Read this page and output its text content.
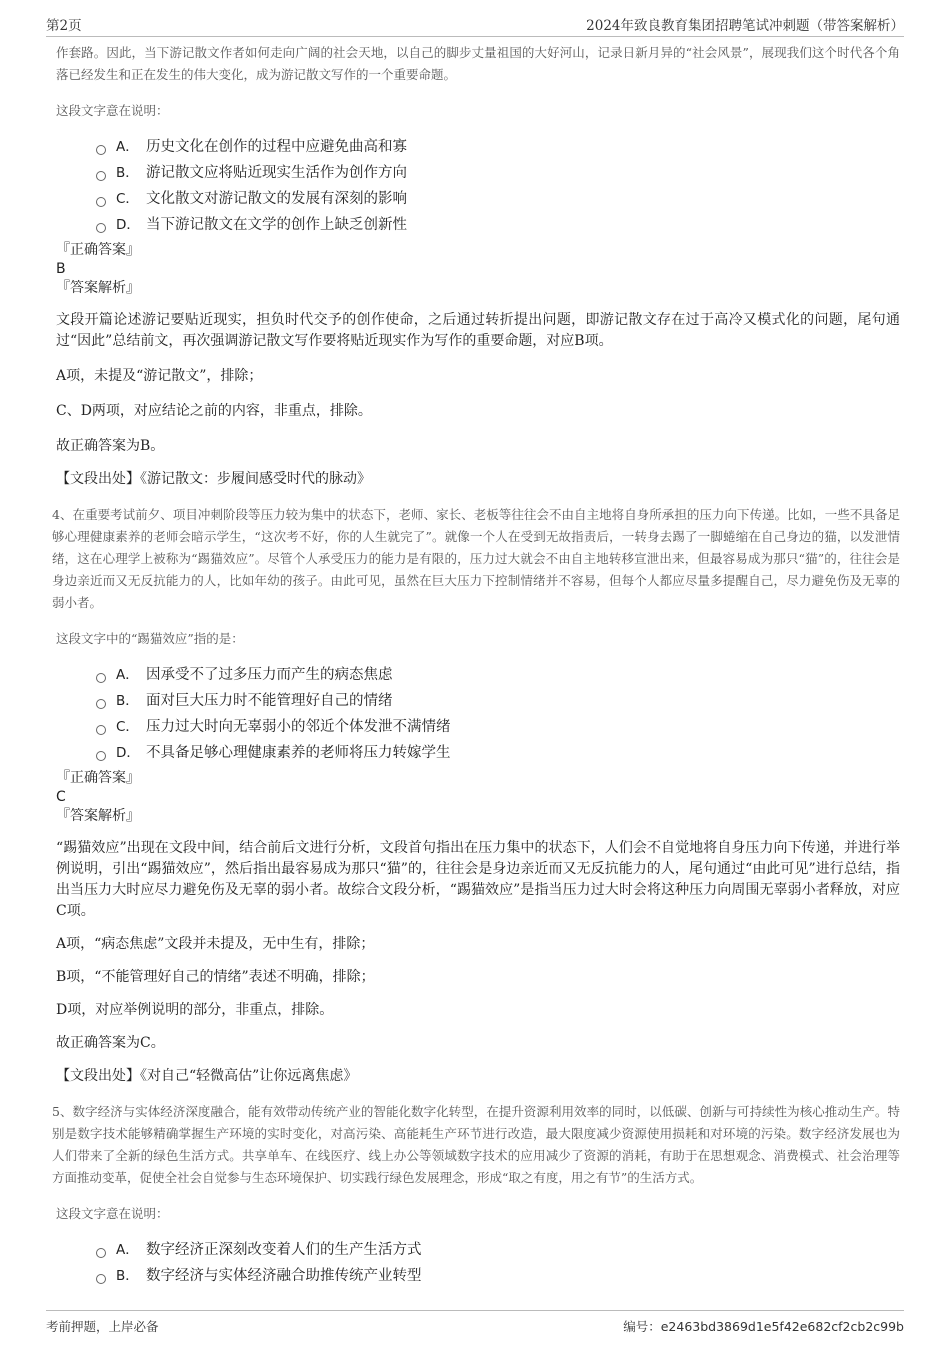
第2页	2024年致良教育集团招聘笔试冲刺题（带答案解析）

作套路。因此，当下游记散文作者如何走向广阔的社会天地，以自己的脚步丈量祖国的大好河山，记录日新月异的“社会风景”，展现我们这个时代各个角落已经发生和正在发生的伟大变化，成为游记散文写作的一个重要命题。

这段文字意在说明：

A． 历史文化在创作的过程中应避免曲高和寡
B． 游记散文应将贴近现实生活作为创作方向
C． 文化散文对游记散文的发展有深刻的影响
D． 当下游记散文在文学的创作上缺乏创新性

『正确答案』

B

『答案解析』

文段开篇论述游记要贴近现实，担负时代交予的创作使命，之后通过转折提出问题，即游记散文存在过于高冷又模式化的问题，尾句通过“因此”总结前文，再次强调游记散文写作要将贴近现实作为写作的重要命题，对应B项。

A项，未提及“游记散文”，排除；

C、D两项，对应结论之前的内容，非重点，排除。

故正确答案为B。

【文段出处】《游记散文：步履间感受时代的脉动》

4、在重要考试前夕、项目冲刺阶段等压力较为集中的状态下，老师、家长、老板等往往会不由自主地将自身所承担的压力向下传递。比如，一些不具备足够心理健康素养的老师会暗示学生，“这次考不好，你的人生就完了”。就像一个人在受到无故指责后，一转身去踢了一脚蜷缩在自己身边的猫，以发泄情绪，这在心理学上被称为“踢猫效应”。尽管个人承受压力的能力是有限的，压力过大就会不由自主地转移宣泄出来，但最容易成为那只“猫”的，往往会是身边亲近而又无反抗能力的人，比如年幼的孩子。由此可见，虽然在巨大压力下控制情绪并不容易，但每个人都应尽量多提醒自己，尽力避免伤及无辜的弱小者。

这段文字中的“踢猫效应”指的是：

A． 因承受不了过多压力而产生的病态焦虑
B． 面对巨大压力时不能管理好自己的情绪
C． 压力过大时向无辜弱小的邻近个体发泄不满情绪
D． 不具备足够心理健康素养的老师将压力转嫁学生

『正确答案』

C

『答案解析』

“踢猫效应”出现在文段中间，结合前后文进行分析，文段首句指出在压力集中的状态下，人们会不自觉地将自身压力向下传递，并进行举例说明，引出“踢猫效应”，然后指出最容易成为那只“猫”的，往往会是身边亲近而又无反抗能力的人，尾句通过“由此可见”进行总结，指出当压力大时应尽力避免伤及无辜的弱小者。故综合文段分析，“踢猫效应”是指当压力过大时会将这种压力向周围无辜弱小者释放，对应C项。

A项，“病态焦虑”文段并未提及，无中生有，排除；

B项，“不能管理好自己的情绪”表述不明确，排除；

D项，对应举例说明的部分，非重点，排除。

故正确答案为C。

【文段出处】《对自己“轻微高估”让你远离焦虑》

5、数字经济与实体经济深度融合，能有效带动传统产业的智能化数字化转型，在提升资源利用效率的同时，以低碳、创新与可持续性为核心推动生产。特别是数字技术能够精确掌握生产环境的实时变化，对高污染、高能耗生产环节进行改造，最大限度减少资源使用损耗和对环境的污染。数字经济发展也为人们带来了全新的绿色生活方式。共享单车、在线医疗、线上办公等领域数字技术的应用减少了资源的消耗，有助于在思想观念、消费模式、社会治理等方面推动变革，促使全社会自觉参与生态环境保护、切实践行绿色发展理念，形成“取之有度，用之有节”的生活方式。

这段文字意在说明：

A． 数字经济正深刻改变着人们的生产生活方式
B． 数字经济与实体经济融合助推传统产业转型
考前押题，上岸必备	编号：e2463bd3869d1e5f42e682cf2cb2c99b
